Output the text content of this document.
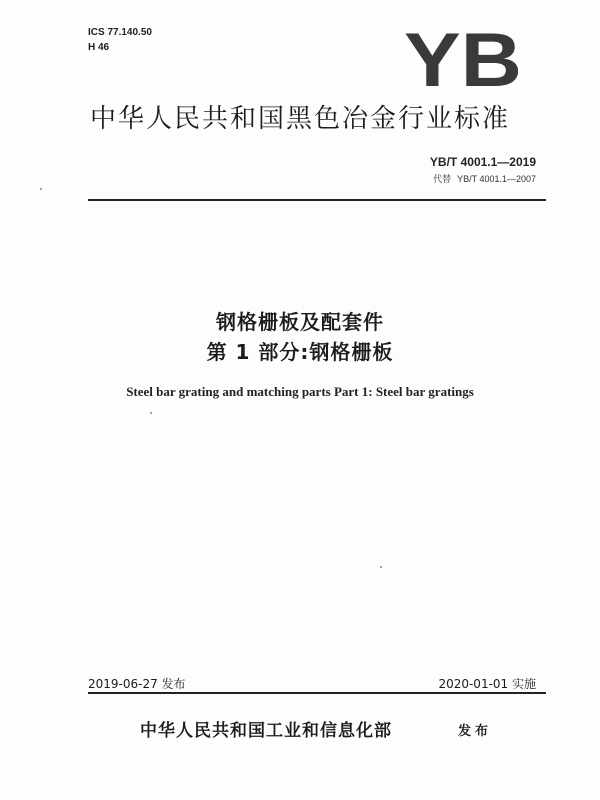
ICS 77.140.50
H 46	YB
中华人民共和国黑色冶金行业标准
YB/T 4001.1—2019
代替 YB/T 4001.1—2007
钢格栅板及配套件
第 1 部分:钢格栅板
Steel bar grating and matching parts Part 1: Steel bar gratings
2019-06-27 发布	2020-01-01 实施
中华人民共和国工业和信息化部	发布
